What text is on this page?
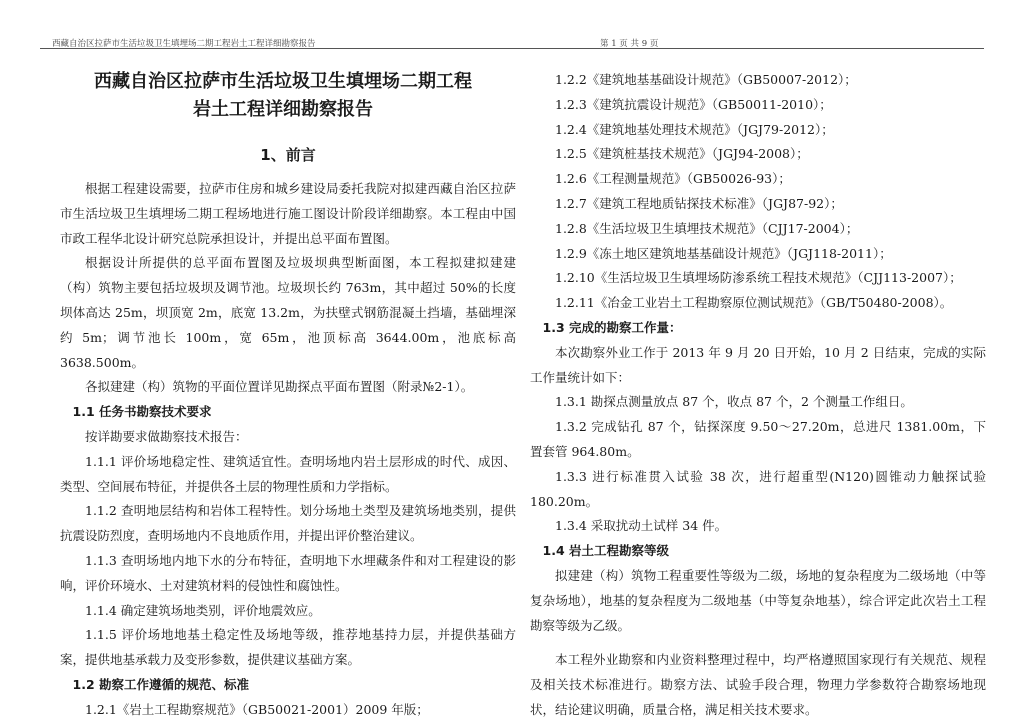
西藏自治区拉萨市生活垃圾卫生填埋场二期工程岩土工程详细勘察报告	第 1 页 共 9 页
西藏自治区拉萨市生活垃圾卫生填埋场二期工程
岩土工程详细勘察报告
1、前言

根据工程建设需要，拉萨市住房和城乡建设局委托我院对拟建西藏自治区拉萨市生活垃圾卫生填埋场二期工程场地进行施工图设计阶段详细勘察。本工程由中国市政工程华北设计研究总院承担设计，并提出总平面布置图。

根据设计所提供的总平面布置图及垃圾坝典型断面图，本工程拟建拟建建（构）筑物主要包括垃圾坝及调节池。垃圾坝长约 763m，其中超过 50%的长度坝体高达 25m，坝顶宽 2m，底宽 13.2m，为扶壁式钢筋混凝土挡墙，基础埋深约 5m；调节池长 100m，宽 65m，池顶标高 3644.00m，池底标高 3638.500m。

各拟建建（构）筑物的平面位置详见勘探点平面布置图（附录№2-1）。

1.1 任务书勘察技术要求

按详勘要求做勘察技术报告：

1.1.1 评价场地稳定性、建筑适宜性。查明场地内岩土层形成的时代、成因、类型、空间展布特征，并提供各土层的物理性质和力学指标。

1.1.2 查明地层结构和岩体工程特性。划分场地土类型及建筑场地类别，提供抗震设防烈度，查明场地内不良地质作用，并提出评价整治建议。

1.1.3 查明场地内地下水的分布特征，查明地下水埋藏条件和对工程建设的影响，评价环境水、土对建筑材料的侵蚀性和腐蚀性。

1.1.4 确定建筑场地类别，评价地震效应。

1.1.5 评价场地地基土稳定性及场地等级，推荐地基持力层，并提供基础方案，提供地基承载力及变形参数，提供建议基础方案。

1.2 勘察工作遵循的规范、标准

1.2.1《岩土工程勘察规范》（GB50021-2001）2009 年版；

1.2.2《建筑地基基础设计规范》（GB50007-2012）；

1.2.3《建筑抗震设计规范》（GB50011-2010）；

1.2.4《建筑地基处理技术规范》（JGJ79-2012）；

1.2.5《建筑桩基技术规范》（JGJ94-2008）；

1.2.6《工程测量规范》（GB50026-93）；

1.2.7《建筑工程地质钻探技术标准》（JGJ87-92）；

1.2.8《生活垃圾卫生填埋技术规范》（CJJ17-2004）；

1.2.9《冻土地区建筑地基基础设计规范》（JGJ118-2011）；

1.2.10《生活垃圾卫生填埋场防渗系统工程技术规范》（CJJ113-2007）；

1.2.11《冶金工业岩土工程勘察原位测试规范》（GB/T50480-2008）。

1.3 完成的勘察工作量：

本次勘察外业工作于 2013 年 9 月 20 日开始，10 月 2 日结束，完成的实际工作量统计如下：

1.3.1 勘探点测量放点 87 个，收点 87 个，2 个测量工作组日。

1.3.2 完成钻孔 87 个，钻探深度 9.50～27.20m，总进尺 1381.00m，下置套管 964.80m。

1.3.3 进行标准贯入试验 38 次，进行超重型(N120)圆锥动力触探试验 180.20m。

1.3.4 采取扰动土试样 34 件。

1.4 岩土工程勘察等级

拟建建（构）筑物工程重要性等级为二级，场地的复杂程度为二级场地（中等复杂场地），地基的复杂程度为二级地基（中等复杂地基），综合评定此次岩土工程勘察等级为乙级。

本工程外业勘察和内业资料整理过程中，均严格遵照国家现行有关规范、规程及相关技术标准进行。勘察方法、试验手段合理，物理力学参数符合勘察场地现状，结论建议明确，质量合格，满足相关技术要求。
